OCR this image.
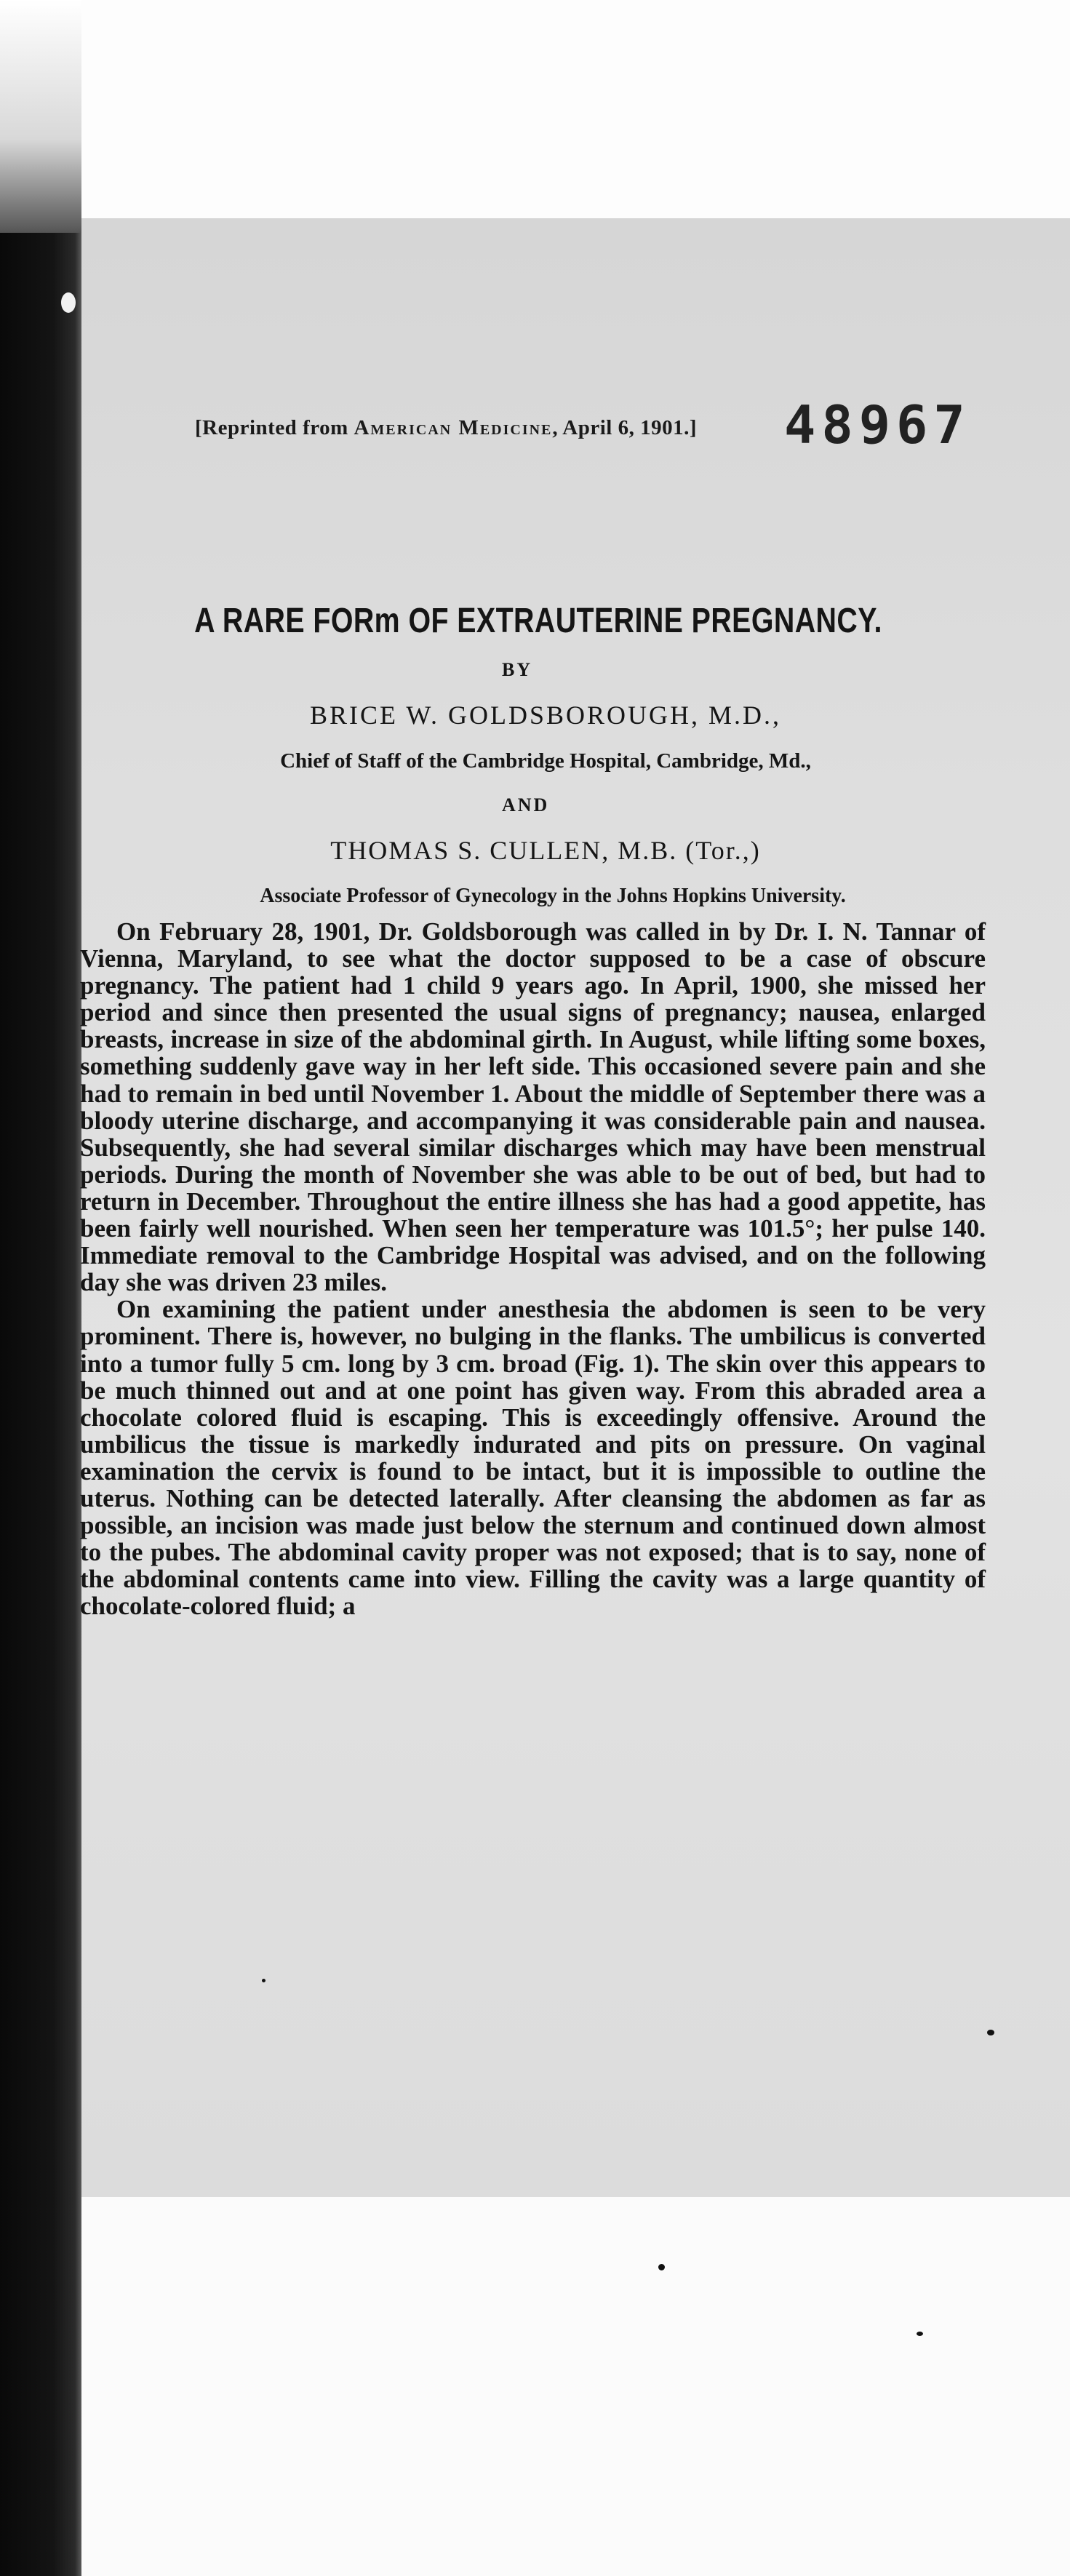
[Reprinted from American Medicine, April 6, 1901.]	48967
A RARE FORm OF EXTRAUTERINE PREGNANCY.
BY
BRICE W. GOLDSBOROUGH, M.D.,
Chief of Staff of the Cambridge Hospital, Cambridge, Md.,
AND
THOMAS S. CULLEN, M.B. (Tor.,)
Associate Professor of Gynecology in the Johns Hopkins University.

On February 28, 1901, Dr. Goldsborough was called in by Dr. I. N. Tannar of Vienna, Maryland, to see what the doctor supposed to be a case of obscure pregnancy. The patient had 1 child 9 years ago. In April, 1900, she missed her period and since then presented the usual signs of pregnancy; nausea, enlarged breasts, increase in size of the abdominal girth. In August, while lifting some boxes, something suddenly gave way in her left side. This occasioned severe pain and she had to remain in bed until November 1. About the middle of September there was a bloody uterine discharge, and accompanying it was considerable pain and nausea. Subsequently, she had several similar discharges which may have been menstrual periods. During the month of November she was able to be out of bed, but had to return in December. Throughout the entire illness she has had a good appetite, has been fairly well nourished. When seen her temperature was 101.5°; her pulse 140. Immediate removal to the Cambridge Hospital was advised, and on the following day she was driven 23 miles.

On examining the patient under anesthesia the abdomen is seen to be very prominent. There is, however, no bulging in the flanks. The umbilicus is converted into a tumor fully 5 cm. long by 3 cm. broad (Fig. 1). The skin over this appears to be much thinned out and at one point has given way. From this abraded area a chocolate colored fluid is escaping. This is exceedingly offensive. Around the umbilicus the tissue is markedly indurated and pits on pressure. On vaginal examination the cervix is found to be intact, but it is impossible to outline the uterus. Nothing can be detected laterally. After cleansing the abdomen as far as possible, an incision was made just below the sternum and continued down almost to the pubes. The abdominal cavity proper was not exposed; that is to say, none of the abdominal contents came into view. Filling the cavity was a large quantity of chocolate-colored fluid; a
